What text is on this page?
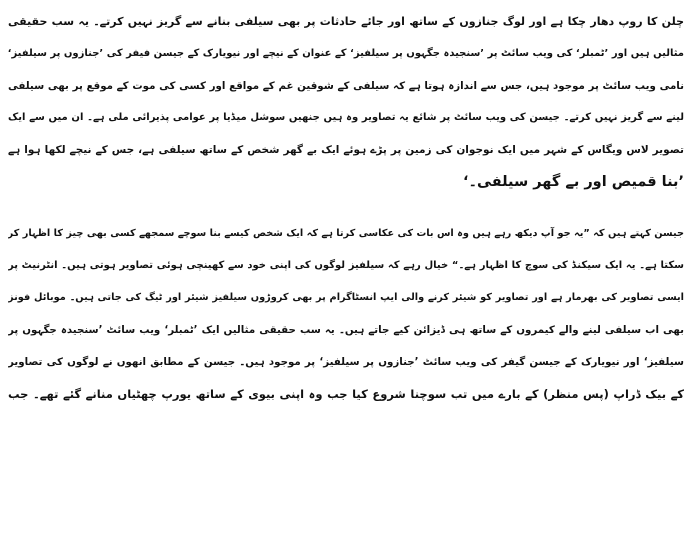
چلن کا روپ دھار چکا ہے اور لوگ جنازوں کے ساتھ اور جائے حادثات پر بھی سیلفی بنانے سے گریز نہیں کرتے۔ یہ سب حقیقی
مثالیں ہیں اور ’ٹمبلر‘ کی ویب سائٹ پر ’سنجیدہ جگہوں پر سیلفیز‘ کے عنوان کے نیچے اور نیویارک کے جیسن فیفر کی ’جنازوں پر سیلفیز‘
نامی ویب سائٹ پر موجود ہیں، جس سے اندازہ ہوتا ہے کہ سیلفی کے شوقین غم کے مواقع اور کسی کی موت کے موقع پر بھی سیلفی
لینے سے گریز نہیں کرتے۔ جیسن کی ویب سائٹ پر شائع یہ تصاویر وہ ہیں جنھیں سوشل میڈیا پر عوامی پذیرائی ملی ہے۔ ان میں سے ایک
تصویر لاس ویگاس کے شہر میں ایک نوجوان کی زمین پر پڑے ہوئے ایک بے گھر شخص کے ساتھ سیلفی ہے، جس کے نیچے لکھا ہوا ہے
’بنا قمیص اور بے گھر سیلفی۔‘
جیسن کہتے ہیں کہ ”یہ جو آپ دیکھ رہے ہیں وہ اس بات کی عکاسی کرتا ہے کہ ایک شخص کیسے بنا سوچے سمجھے کسی بھی چیز کا اظہار کر
سکتا ہے۔ یہ ایک سیکنڈ کی سوچ کا اظہار ہے۔“ خیال رہے کہ سیلفیز لوگوں کی اپنی خود سے کھینچی ہوئی تصاویر ہوتی ہیں۔ انٹرنیٹ پر
ایسی تصاویر کی بھرمار ہے اور تصاویر کو شیئر کرنے والی ایپ انسٹاگرام پر بھی کروڑوں سیلفیز شیئر اور ٹیگ کی جاتی ہیں۔ موبائل فونز
بھی اب سیلفی لینے والے کیمروں کے ساتھ ہی ڈیزائن کیے جاتے ہیں۔ یہ سب حقیقی مثالیں ایک ’ٹمبلر‘ ویب سائٹ ’سنجیدہ جگہوں پر
سیلفیز‘ اور نیویارک کے جیسن گیفر کی ویب سائٹ ’جنازوں پر سیلفیز‘ پر موجود ہیں۔ جیسن کے مطابق انھوں نے لوگوں کی تصاویر
کے بیک ڈراپ (پس منظر) کے بارے میں تب سوچنا شروع کیا جب وہ اپنی بیوی کے ساتھ یورپ چھٹیاں منانے گئے تھے۔ جب
